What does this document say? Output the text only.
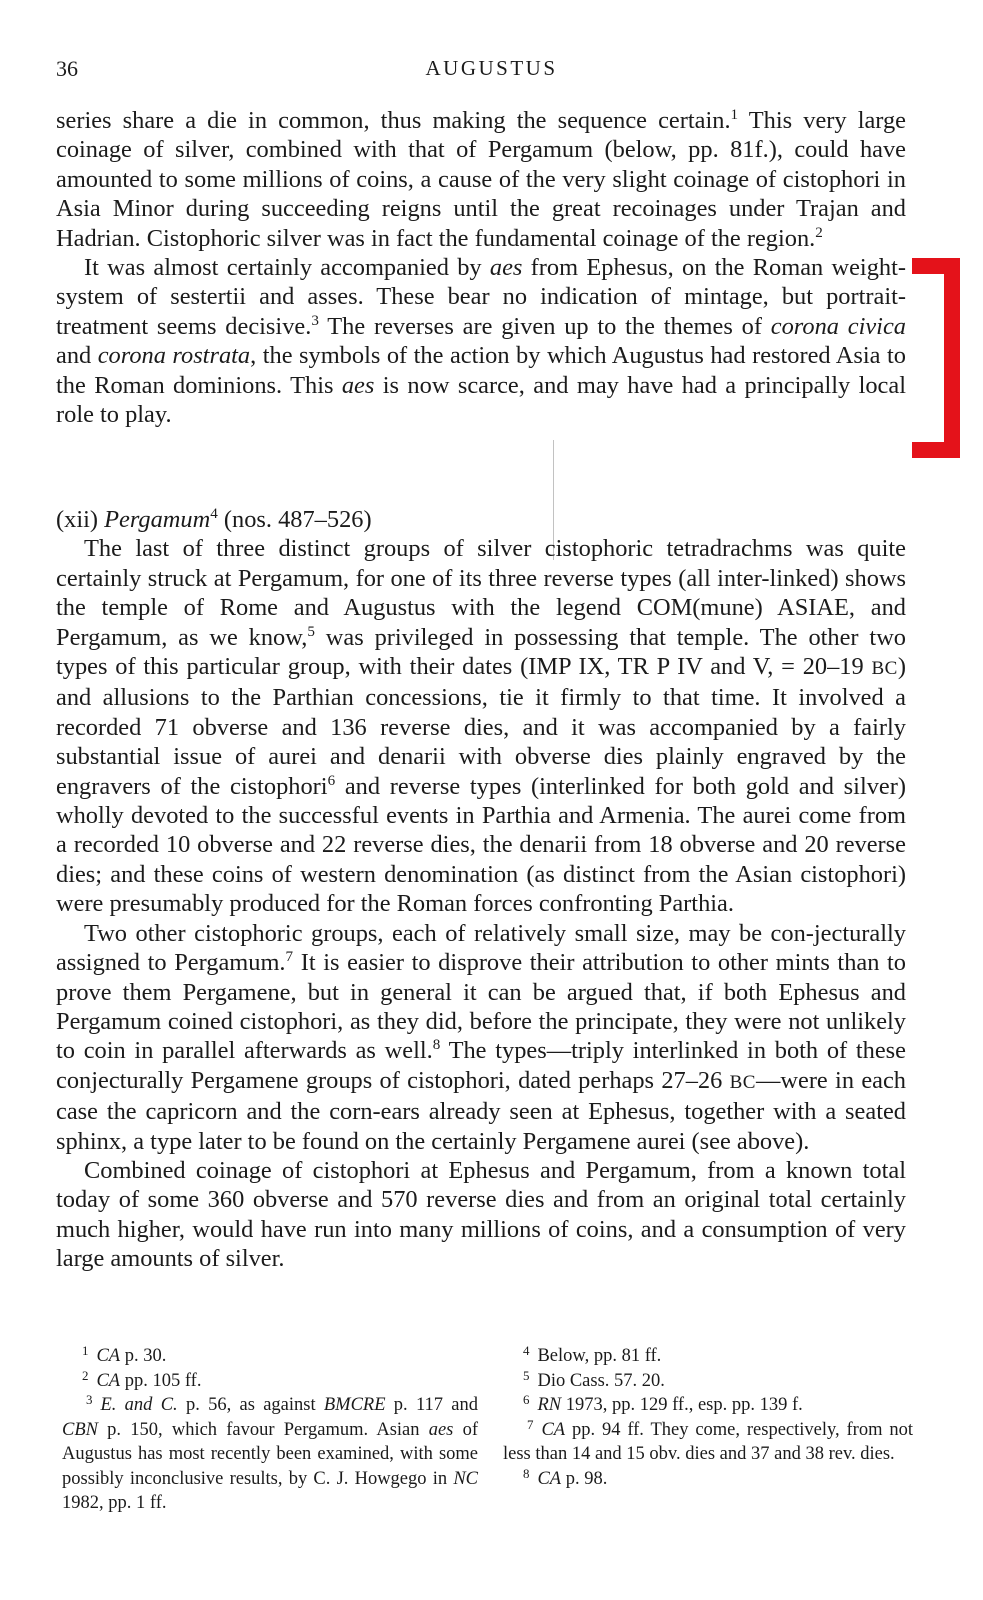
36	AUGUSTUS

series share a die in common, thus making the sequence certain.$^1$ This very large coinage of silver, combined with that of Pergamum (below, pp. 81f.), could have amounted to some millions of coins, a cause of the very slight coinage of cistophori in Asia Minor during succeeding reigns until the great recoinages under Trajan and Hadrian. Cistophoric silver was in fact the fundamental coinage of the region.$^2$

It was almost certainly accompanied by aes from Ephesus, on the Roman weight-system of sestertii and asses. These bear no indication of mintage, but portrait-treatment seems decisive.$^3$ The reverses are given up to the themes of corona civica and corona rostrata, the symbols of the action by which Augustus had restored Asia to the Roman dominions. This aes is now scarce, and may have had a principally local role to play.

(xii) Pergamum$^4$ (nos. 487–526)

The last of three distinct groups of silver cistophoric tetradrachms was quite certainly struck at Pergamum, for one of its three reverse types (all inter-linked) shows the temple of Rome and Augustus with the legend COM(mune) ASIAE, and Pergamum, as we know,$^5$ was privileged in possessing that temple. The other two types of this particular group, with their dates (IMP IX, TR P IV and V, = 20–19 BC) and allusions to the Parthian concessions, tie it firmly to that time. It involved a recorded 71 obverse and 136 reverse dies, and it was accompanied by a fairly substantial issue of aurei and denarii with obverse dies plainly engraved by the engravers of the cistophori$^6$ and reverse types (interlinked for both gold and silver) wholly devoted to the successful events in Parthia and Armenia. The aurei come from a recorded 10 obverse and 22 reverse dies, the denarii from 18 obverse and 20 reverse dies; and these coins of western denomination (as distinct from the Asian cistophori) were presumably produced for the Roman forces confronting Parthia.

Two other cistophoric groups, each of relatively small size, may be con-jecturally assigned to Pergamum.$^7$ It is easier to disprove their attribution to other mints than to prove them Pergamene, but in general it can be argued that, if both Ephesus and Pergamum coined cistophori, as they did, before the principate, they were not unlikely to coin in parallel afterwards as well.$^8$ The types—triply interlinked in both of these conjecturally Pergamene groups of cistophori, dated perhaps 27–26 BC—were in each case the capricorn and the corn-ears already seen at Ephesus, together with a seated sphinx, a type later to be found on the certainly Pergamene aurei (see above).

Combined coinage of cistophori at Ephesus and Pergamum, from a known total today of some 360 obverse and 570 reverse dies and from an original total certainly much higher, would have run into many millions of coins, and a consumption of very large amounts of silver.

$^1$ CA p. 30.

$^2$ CA pp. 105 ff.

$^3$ E. and C. p. 56, as against BMCRE p. 117 and CBN p. 150, which favour Pergamum. Asian aes of Augustus has most recently been examined, with some possibly inconclusive results, by C. J. Howgego in NC 1982, pp. 1 ff.

$^4$ Below, pp. 81 ff.

$^5$ Dio Cass. 57. 20.

$^6$ RN 1973, pp. 129 ff., esp. pp. 139 f.

$^7$ CA pp. 94 ff. They come, respectively, from not less than 14 and 15 obv. dies and 37 and 38 rev. dies.

$^8$ CA p. 98.
